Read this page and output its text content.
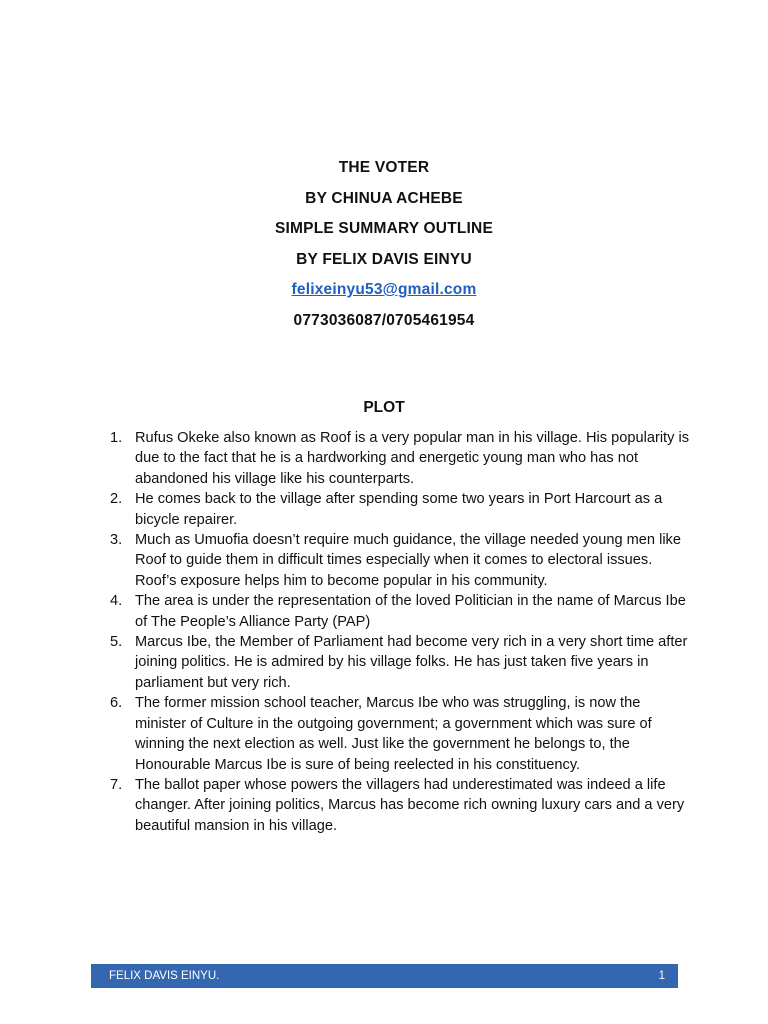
THE VOTER
BY CHINUA ACHEBE
SIMPLE SUMMARY OUTLINE
BY FELIX DAVIS EINYU
felixeinyu53@gmail.com
0773036087/0705461954
PLOT
1. Rufus Okeke also known as Roof is a very popular man in his village. His popularity is due to the fact that he is a hardworking and energetic young man who has not abandoned his village like his counterparts.
2. He comes back to the village after spending some two years in Port Harcourt as a bicycle repairer.
3. Much as Umuofia doesn’t require much guidance, the village needed young men like Roof to guide them in difficult times especially when it comes to electoral issues. Roof’s exposure helps him to become popular in his community.
4. The area is under the representation of the loved Politician in the name of Marcus Ibe of The People’s Alliance Party (PAP)
5. Marcus Ibe, the Member of Parliament had become very rich in a very short time after joining politics. He is admired by his village folks. He has just taken five years in parliament but very rich.
6. The former mission school teacher, Marcus Ibe who was struggling, is now the minister of Culture in the outgoing government; a government which was sure of winning the next election as well. Just like the government he belongs to, the Honourable Marcus Ibe is sure of being reelected in his constituency.
7. The ballot paper whose powers the villagers had underestimated was indeed a life changer. After joining politics, Marcus has become rich owning luxury cars and a very beautiful mansion in his village.
FELIX DAVIS EINYU.	1
